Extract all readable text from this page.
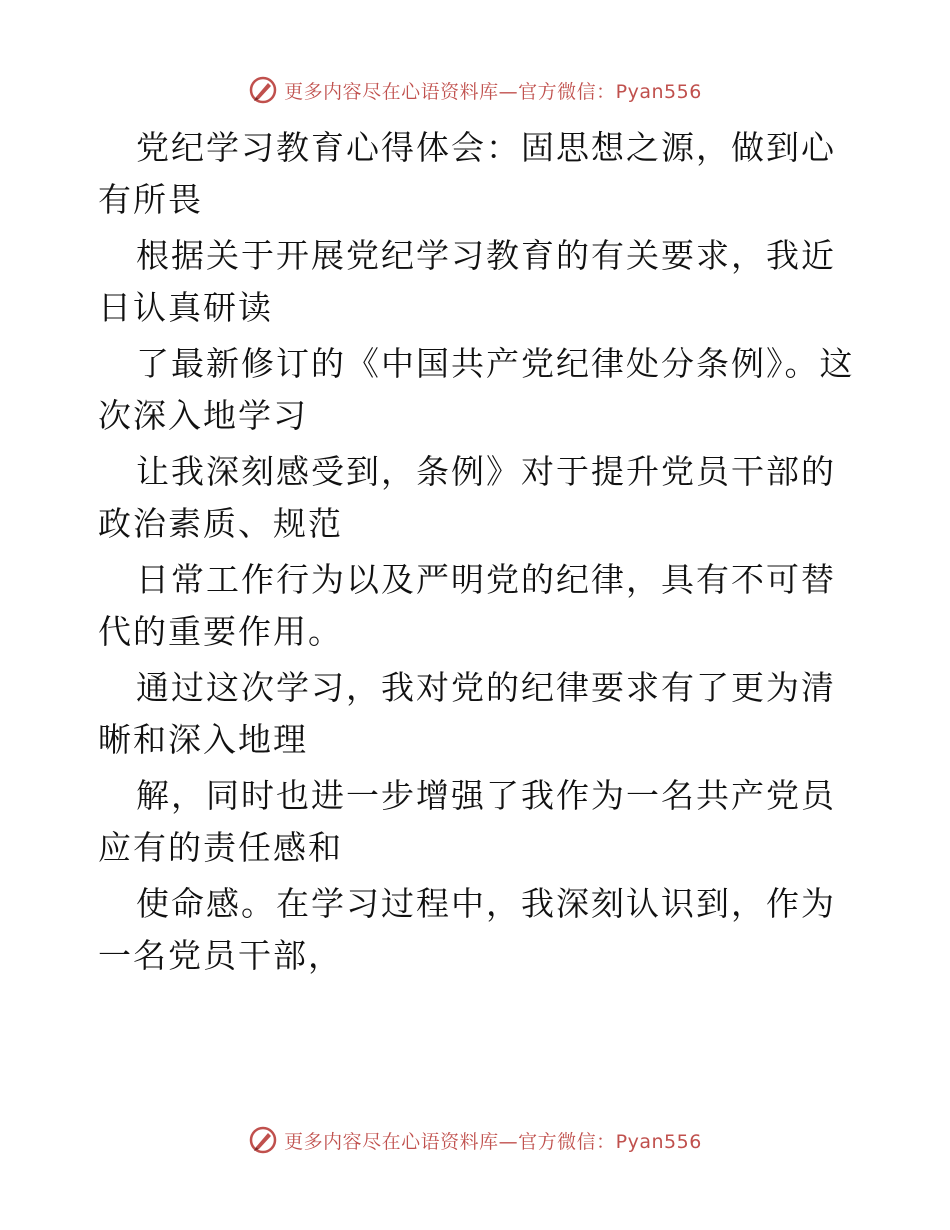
更多内容尽在心语资料库—官方微信：Pyan556

党纪学习教育心得体会：固思想之源，做到心有所畏

根据关于开展党纪学习教育的有关要求，我近日认真研读

了最新修订的《中国共产党纪律处分条例》。这次深入地学习

让我深刻感受到，条例》对于提升党员干部的政治素质、规范

日常工作行为以及严明党的纪律，具有不可替代的重要作用。

通过这次学习，我对党的纪律要求有了更为清晰和深入地理

解，同时也进一步增强了我作为一名共产党员应有的责任感和

使命感。在学习过程中，我深刻认识到，作为一名党员干部，

更多内容尽在心语资料库—官方微信：Pyan556
